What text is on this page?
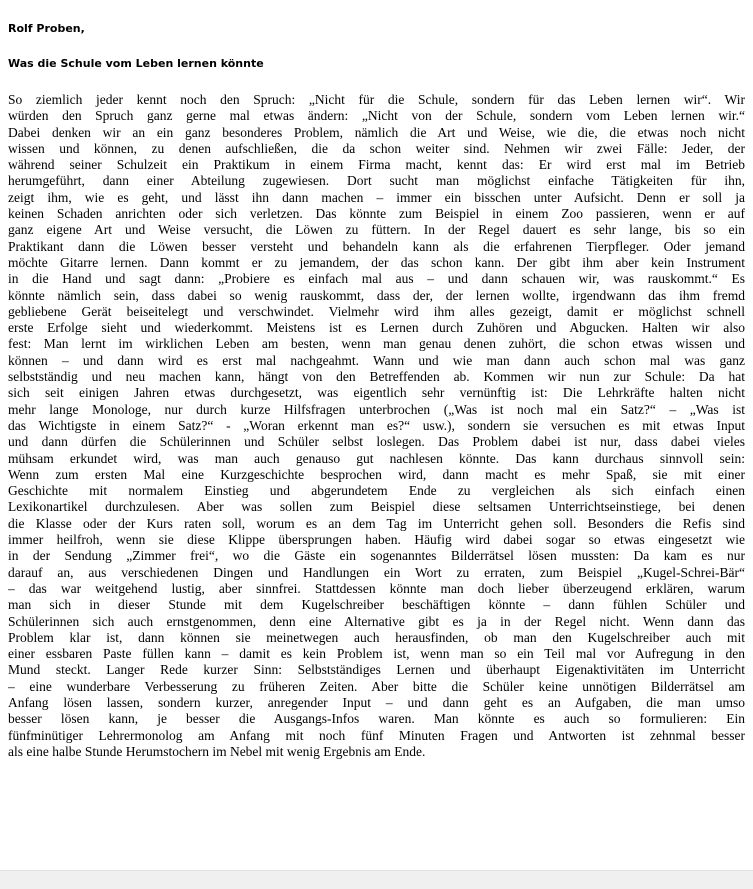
Rolf Proben,
Was die Schule vom Leben lernen könnte
So ziemlich jeder kennt noch den Spruch: „Nicht für die Schule, sondern für das Leben lernen wir“. Wir
würden den Spruch ganz gerne mal etwas ändern: „Nicht von der Schule, sondern vom Leben lernen wir.“
Dabei denken wir an ein ganz besonderes Problem, nämlich die Art und Weise, wie die, die etwas noch nicht
wissen und können, zu denen aufschließen, die da schon weiter sind. Nehmen wir zwei Fälle: Jeder, der
während seiner Schulzeit ein Praktikum in einem Firma macht, kennt das: Er wird erst mal im Betrieb
herumgeführt, dann einer Abteilung zugewiesen. Dort sucht man möglichst einfache Tätigkeiten für ihn,
zeigt ihm, wie es geht, und lässt ihn dann machen – immer ein bisschen unter Aufsicht. Denn er soll ja
keinen Schaden anrichten oder sich verletzen. Das könnte zum Beispiel in einem Zoo passieren, wenn er auf
ganz eigene Art und Weise versucht, die Löwen zu füttern. In der Regel dauert es sehr lange, bis so ein
Praktikant dann die Löwen besser versteht und behandeln kann als die erfahrenen Tierpfleger. Oder jemand
möchte Gitarre lernen. Dann kommt er zu jemandem, der das schon kann. Der gibt ihm aber kein Instrument
in die Hand und sagt dann: „Probiere es einfach mal aus – und dann schauen wir, was rauskommt.“ Es
könnte nämlich sein, dass dabei so wenig rauskommt, dass der, der lernen wollte, irgendwann das ihm fremd
gebliebene Gerät beiseitelegt und verschwindet. Vielmehr wird ihm alles gezeigt, damit er möglichst schnell
erste Erfolge sieht und wiederkommt. Meistens ist es Lernen durch Zuhören und Abgucken. Halten wir also
fest: Man lernt im wirklichen Leben am besten, wenn man genau denen zuhört, die schon etwas wissen und
können – und dann wird es erst mal nachgeahmt. Wann und wie man dann auch schon mal was ganz
selbstständig und neu machen kann, hängt von den Betreffenden ab. Kommen wir nun zur Schule: Da hat
sich seit einigen Jahren etwas durchgesetzt, was eigentlich sehr vernünftig ist: Die Lehrkräfte halten nicht
mehr lange Monologe, nur durch kurze Hilfsfragen unterbrochen („Was ist noch mal ein Satz?“ – „Was ist
das Wichtigste in einem Satz?“ - „Woran erkennt man es?“ usw.), sondern sie versuchen es mit etwas Input
und dann dürfen die Schülerinnen und Schüler selbst loslegen. Das Problem dabei ist nur, dass dabei vieles
mühsam erkundet wird, was man auch genauso gut nachlesen könnte. Das kann durchaus sinnvoll sein:
Wenn zum ersten Mal eine Kurzgeschichte besprochen wird, dann macht es mehr Spaß, sie mit einer
Geschichte mit normalem Einstieg und abgerundetem Ende zu vergleichen als sich einfach einen
Lexikonartikel durchzulesen. Aber was sollen zum Beispiel diese seltsamen Unterrichtseinstiege, bei denen
die Klasse oder der Kurs raten soll, worum es an dem Tag im Unterricht gehen soll. Besonders die Refis sind
immer heilfroh, wenn sie diese Klippe übersprungen haben. Häufig wird dabei sogar so etwas eingesetzt wie
in der Sendung „Zimmer frei“, wo die Gäste ein sogenanntes Bilderrätsel lösen mussten: Da kam es nur
darauf an, aus verschiedenen Dingen und Handlungen ein Wort zu erraten, zum Beispiel „Kugel-Schrei-Bär“
– das war weitgehend lustig, aber sinnfrei. Stattdessen könnte man doch lieber überzeugend erklären, warum
man sich in dieser Stunde mit dem Kugelschreiber beschäftigen könnte – dann fühlen Schüler und
Schülerinnen sich auch ernstgenommen, denn eine Alternative gibt es ja in der Regel nicht. Wenn dann das
Problem klar ist, dann können sie meinetwegen auch herausfinden, ob man den Kugelschreiber auch mit
einer essbaren Paste füllen kann – damit es kein Problem ist, wenn man so ein Teil mal vor Aufregung in den
Mund steckt. Langer Rede kurzer Sinn: Selbstständiges Lernen und überhaupt Eigenaktivitäten im Unterricht
– eine wunderbare Verbesserung zu früheren Zeiten. Aber bitte die Schüler keine unnötigen Bilderrätsel am
Anfang lösen lassen, sondern kurzer, anregender Input – und dann geht es an Aufgaben, die man umso
besser lösen kann, je besser die Ausgangs-Infos waren. Man könnte es auch so formulieren: Ein
fünfminütiger Lehrermonolog am Anfang mit noch fünf Minuten Fragen und Antworten ist zehnmal besser
als eine halbe Stunde Herumstochern im Nebel mit wenig Ergebnis am Ende.
